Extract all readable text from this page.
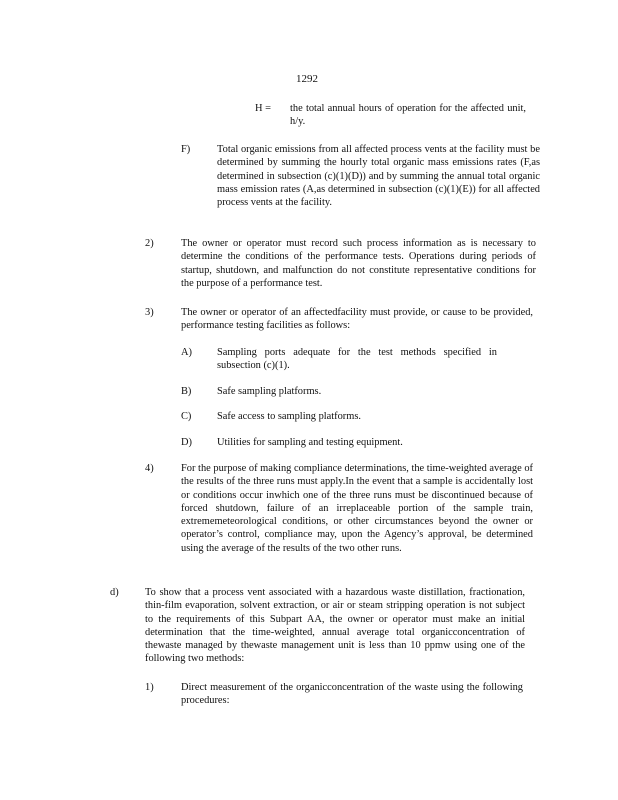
1292
H = the total annual hours of operation for the affected unit, h/y.
F)	Total organic emissions from all affected process vents at the facility must be determined by summing the hourly total organic mass emissions rates (F,as determined in subsection (c)(1)(D)) and by summing the annual total organic mass emission rates (A,as determined in subsection (c)(1)(E)) for all affected process vents at the facility.
2)	The owner or operator must record such process information as is necessary to determine the conditions of the performance tests. Operations during periods of startup, shutdown, and malfunction do not constitute representative conditions for the purpose of a performance test.
3)	The owner or operator of an affectedfacility must provide, or cause to be provided, performance testing facilities as follows:
A) Sampling ports adequate for the test methods specified in subsection (c)(1).
B) Safe sampling platforms.
C) Safe access to sampling platforms.
D) Utilities for sampling and testing equipment.
4)	For the purpose of making compliance determinations, the time-weighted average of the results of the three runs must apply.In the event that a sample is accidentally lost or conditions occur inwhich one of the three runs must be discontinued because of forced shutdown, failure of an irreplaceable portion of the sample train, extrememeteorological conditions, or other circumstances beyond the owner or operator’s control, compliance may, upon the Agency’s approval, be determined using the average of the results of the two other runs.
d)	To show that a process vent associated with a hazardous waste distillation, fractionation, thin-film evaporation, solvent extraction, or air or steam stripping operation is not subject to the requirements of this Subpart AA, the owner or operator must make an initial determination that the time-weighted, annual average total organicconcentration of thewaste managed by thewaste management unit is less than 10 ppmw using one of the following two methods:
1)	Direct measurement of the organicconcentration of the waste using the following procedures:
